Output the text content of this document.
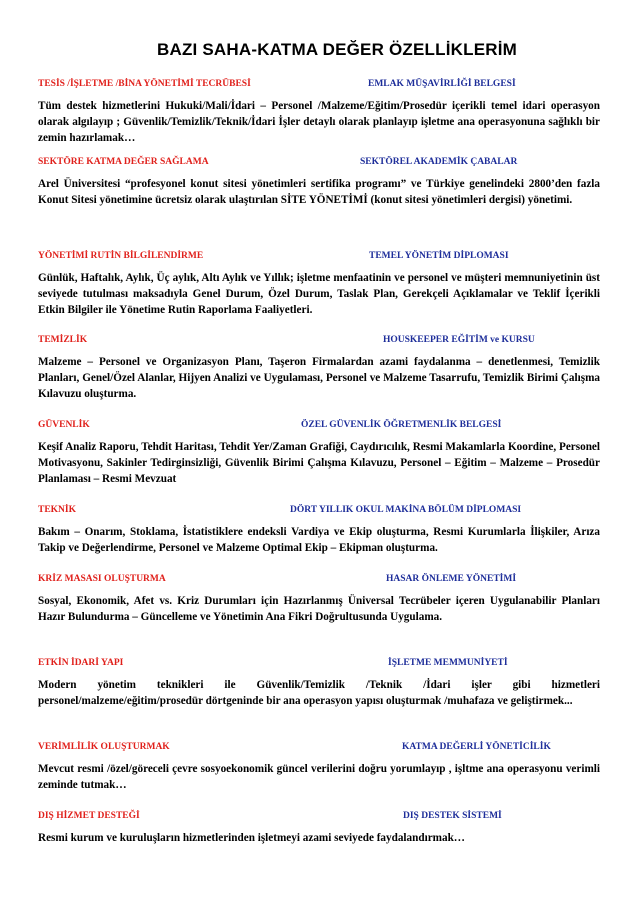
BAZI SAHA-KATMA DEĞER ÖZELLİKLERİM
TESİS /İŞLETME /BİNA YÖNETİMİ TECRÜBESİ	EMLAK MÜŞAVİRLİĞİ BELGESİ
Tüm destek hizmetlerini Hukuki/Mali/İdari – Personel /Malzeme/Eğitim/Prosedür içerikli temel idari operasyon olarak algılayıp ; Güvenlik/Temizlik/Teknik/İdari İşler detaylı olarak planlayıp işletme ana operasyonuna sağlıklı bir zemin hazırlamak…
SEKTÖRE KATMA DEĞER SAĞLAMA	SEKTÖREL AKADEMİK ÇABALAR
Arel Üniversitesi “profesyonel konut sitesi yönetimleri sertifika programı” ve Türkiye genelindeki 2800’den fazla Konut Sitesi yönetimine ücretsiz olarak ulaştırılan SİTE YÖNETİMİ (konut sitesi yönetimleri dergisi) yönetimi.
YÖNETİMİ RUTİN BİLGİLENDİRME	TEMEL YÖNETİM DİPLOMASI
Günlük, Haftalık, Aylık, Üç aylık, Altı Aylık ve Yıllık; işletme menfaatinin ve personel ve müşteri memnuniyetinin üst seviyede tutulması maksadıyla Genel Durum, Özel Durum, Taslak Plan, Gerekçeli Açıklamalar ve Teklif İçerikli Etkin Bilgiler ile Yönetime Rutin Raporlama Faaliyetleri.
TEMİZLİK	HOUSKEEPER EĞİTİM ve KURSU
Malzeme – Personel ve Organizasyon Planı, Taşeron Firmalardan azami faydalanma – denetlenmesi, Temizlik Planları, Genel/Özel Alanlar, Hijyen Analizi ve Uygulaması, Personel ve Malzeme Tasarrufu, Temizlik Birimi Çalışma Kılavuzu oluşturma.
GÜVENLİK	ÖZEL GÜVENLİK ÖĞRETMENLİK BELGESİ
Keşif Analiz Raporu, Tehdit Haritası, Tehdit Yer/Zaman Grafiği, Caydırıcılık, Resmi Makamlarla Koordine, Personel Motivasyonu, Sakinler Tedirginsizliği, Güvenlik Birimi Çalışma Kılavuzu, Personel – Eğitim – Malzeme – Prosedür Planlaması – Resmi Mevzuat
TEKNİK	DÖRT YILLIK OKUL MAKİNA BÖLÜM DİPLOMASI
Bakım – Onarım, Stoklama, İstatistiklere endeksli Vardiya ve Ekip oluşturma, Resmi Kurumlarla İlişkiler, Arıza Takip ve Değerlendirme, Personel ve Malzeme Optimal Ekip – Ekipman oluşturma.
KRİZ MASASI OLUŞTURMA	HASAR ÖNLEME YÖNETİMİ
Sosyal, Ekonomik, Afet vs. Kriz Durumları için Hazırlanmış Üniversal Tecrübeler içeren Uygulanabilir Planları Hazır Bulundurma – Güncelleme ve Yönetimin Ana Fikri Doğrultusunda Uygulama.
ETKİN İDARİ YAPI	İŞLETME MEMMUNİYETİ
Modern yönetim teknikleri ile Güvenlik/Temizlik /Teknik /İdari işler gibi hizmetleri personel/malzeme/eğitim/prosedür dörtgeninde bir ana operasyon yapısı oluşturmak /muhafaza ve geliştirmek...
VERİMLİLİK OLUŞTURMAK	KATMA DEĞERLİ YÖNETİCİLİK
Mevcut resmi /özel/göreceli çevre sosyoekonomik güncel verilerini doğru yorumlayıp , işltme ana operasyonu verimli zeminde tutmak…
DIŞ HİZMET DESTEĞİ	DIŞ DESTEK SİSTEMİ
Resmi kurum ve kuruluşların hizmetlerinden işletmeyi azami seviyede faydalandırmak…
